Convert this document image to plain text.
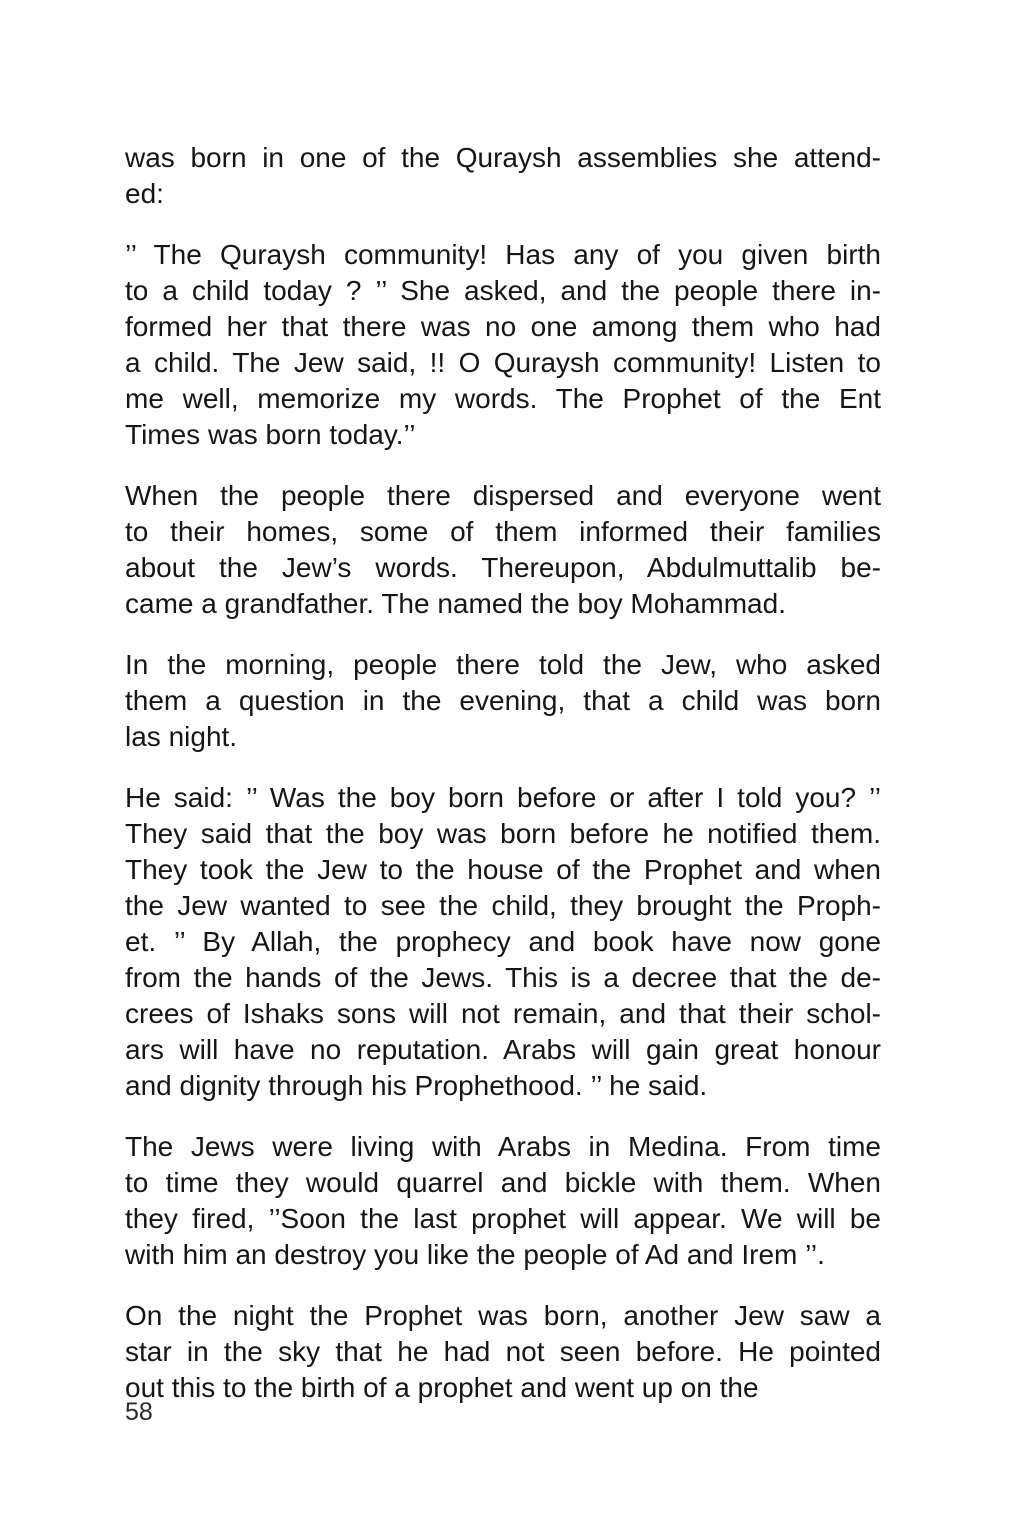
was born in one of the Quraysh assemblies she attend-
ed:

’’ The Quraysh community! Has any of you given birth
to a child today ? ’’ She asked, and the people there in-
formed her that there was no one among them who had
a child. The Jew said, !! O Quraysh community! Listen to
me well, memorize my words. The Prophet of the Ent
Times was born today.’’

When the people there dispersed and everyone went
to their homes, some of them informed their families
about the Jew’s words. Thereupon, Abdulmuttalib be-
came a grandfather. The named the boy Mohammad.

In the morning, people there told the Jew, who asked
them a question in the evening, that a child was born
las night.

He said: ’’ Was the boy born before or after I told you? ’’
They said that the boy was born before he notified them.
They took the Jew to the house of the Prophet and when
the Jew wanted to see the child, they brought the Proph-
et. ’’ By Allah, the prophecy and book have now gone
from the hands of the Jews. This is a decree that the de-
crees of Ishaks sons will not remain, and that their schol-
ars will have no reputation. Arabs will gain great honour
and dignity through his Prophethood. ’’ he said.

The Jews were living with Arabs in Medina. From time
to time they would quarrel and bickle with them. When
they fired, ’’Soon the last prophet will appear. We will be
with him an destroy you like the people of Ad and Irem ’’.

On the night the Prophet was born, another Jew saw a
star in the sky that he had not seen before. He pointed
out this to the birth of a prophet and went up on the

58
